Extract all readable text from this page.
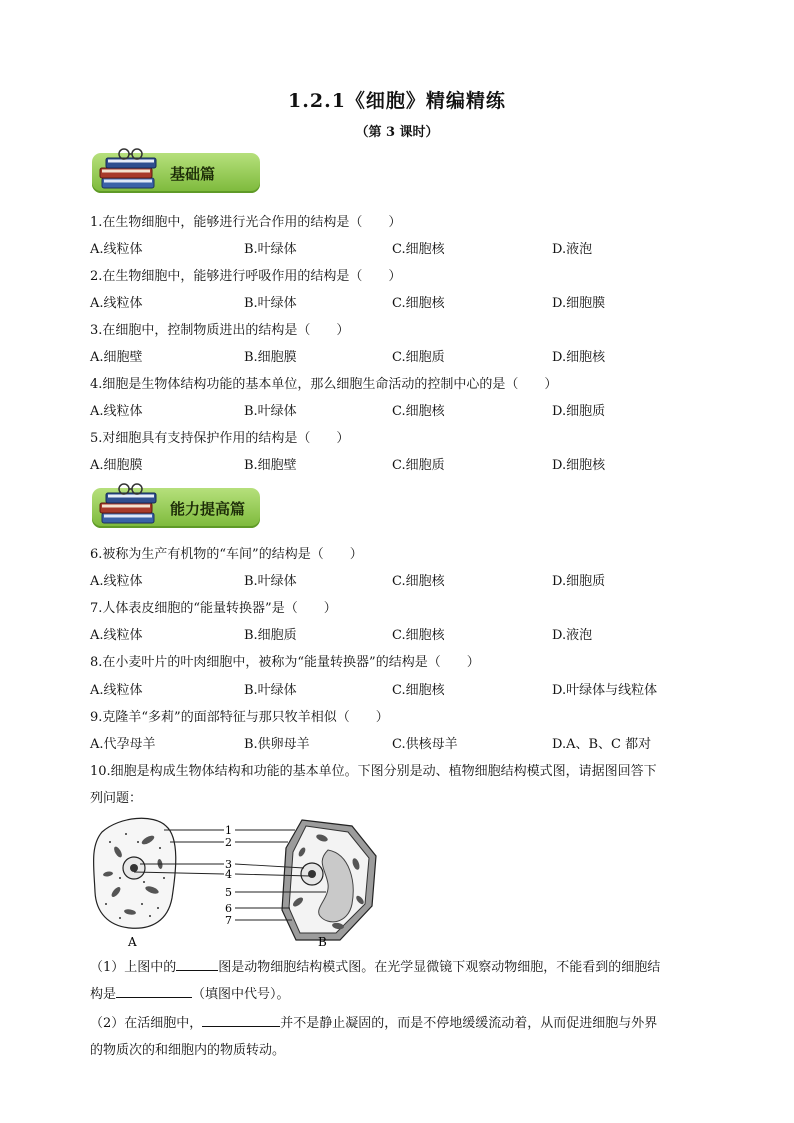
1.2.1《细胞》精编精练
（第 3 课时）
基础篇
能力提高篇
1.在生物细胞中，能够进行光合作用的结构是（　　）
A.线粒体	B.叶绿体	C.细胞核	D.液泡
2.在生物细胞中，能够进行呼吸作用的结构是（　　）
A.线粒体	B.叶绿体	C.细胞核	D.细胞膜
3.在细胞中，控制物质进出的结构是（　　）
A.细胞壁	B.细胞膜	C.细胞质	D.细胞核
4.细胞是生物体结构功能的基本单位，那么细胞生命活动的控制中心的是（　　）
A.线粒体	B.叶绿体	C.细胞核	D.细胞质
5.对细胞具有支持保护作用的结构是（　　）
A.细胞膜	B.细胞壁	C.细胞质	D.细胞核
6.被称为生产有机物的“车间”的结构是（　　）
A.线粒体	B.叶绿体	C.细胞核	D.细胞质
7.人体表皮细胞的“能量转换器”是（　　）
A.线粒体	B.细胞质	C.细胞核	D.液泡
8.在小麦叶片的叶肉细胞中，被称为“能量转换器”的结构是（　　）
A.线粒体	B.叶绿体	C.细胞核	D.叶绿体与线粒体
9.克隆羊“多莉”的面部特征与那只牧羊相似（　　）
A.代孕母羊	B.供卵母羊	C.供核母羊	D.A、B、C 都对
10.细胞是构成生物体结构和功能的基本单位。下图分别是动、植物细胞结构模式图，请据图回答下
列问题：
1
2
3
4
5
6
7
A	B
（1）上图中的	图是动物细胞结构模式图。在光学显微镜下观察动物细胞，不能看到的细胞结
构是	（填图中代号）。
（2）在活细胞中，	并不是静止凝固的，而是不停地缓缓流动着，从而促进细胞与外界
的物质次的和细胞内的物质转动。
